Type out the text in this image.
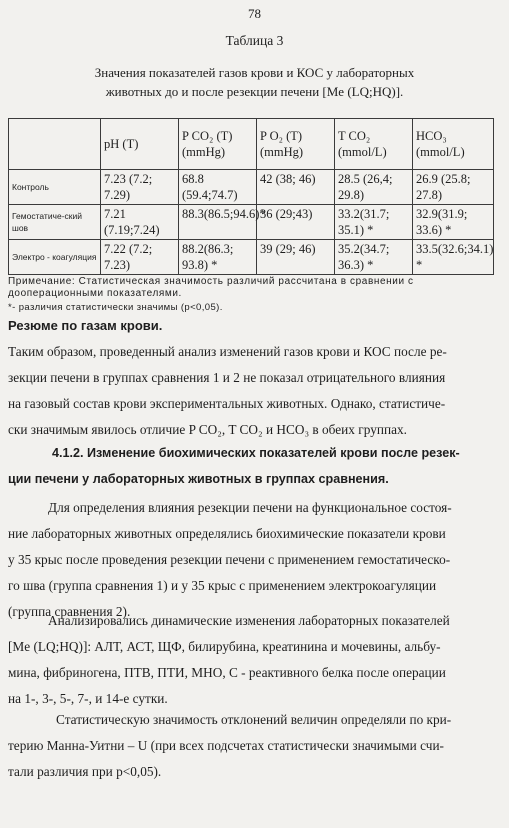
78
Таблица 3
Значения показателей газов крови и КОС у лабораторных
животных до и после резекции печени [Me (LQ;HQ)].
	pH (T)	P CO₂ (T) (mmHg)	P O₂ (T) (mmHg)	T CO₂ (mmol/L)	HCO₃ (mmol/L)
Контроль	7.23 (7.2; 7.29)	68.8 (59.4;74.7)	42 (38; 46)	28.5 (26,4; 29.8)	26.9 (25.8; 27.8)
Гемостатиче-ский шов	7.21 (7.19;7.24)	88.3(86.5;94.6)*	36 (29;43)	33.2(31.7; 35.1) *	32.9(31.9; 33.6) *
Электро - коагуляция	7.22 (7.2; 7.23)	88.2(86.3; 93.8) *	39 (29; 46)	35.2(34.7; 36.3) *	33.5(32.6;34.1) *
Примечание: Статистическая значимость различий рассчитана в сравнении с
дооперационными показателями.
*- различия статистически значимы (p<0,05).
Резюме по газам крови.
Таким образом, проведенный анализ изменений газов крови и КОС после ре-
зекции печени в группах сравнения 1 и 2 не показал отрицательного влияния
на газовый состав крови экспериментальных животных. Однако, статистиче-
ски значимым явилось отличие P CO₂, T CO₂ и HCO₃ в обеих группах.
4.1.2. Изменение биохимических показателей крови после резек-
ции печени у лабораторных животных в группах сравнения.
Для определения влияния резекции печени на функциональное состоя-
ние лабораторных животных определялись биохимические показатели крови
у 35 крыс после проведения резекции печени с применением гемостатическо-
го шва (группа сравнения 1) и у 35 крыс с применением электрокоагуляции
(группа сравнения 2).
Анализировались динамические изменения лабораторных показателей
[Me (LQ;HQ)]: АЛТ, АСТ, ЩФ, билирубина, креатинина и мочевины, альбу-
мина, фибриногена, ПТВ, ПТИ, МНО, С - реактивного белка после операции
на 1-, 3-, 5-, 7-, и 14-е сутки.
Статистическую значимость отклонений величин определяли по кри-
терию Манна-Уитни – U (при всех подсчетах статистически значимыми счи-
тали различия при p<0,05).
